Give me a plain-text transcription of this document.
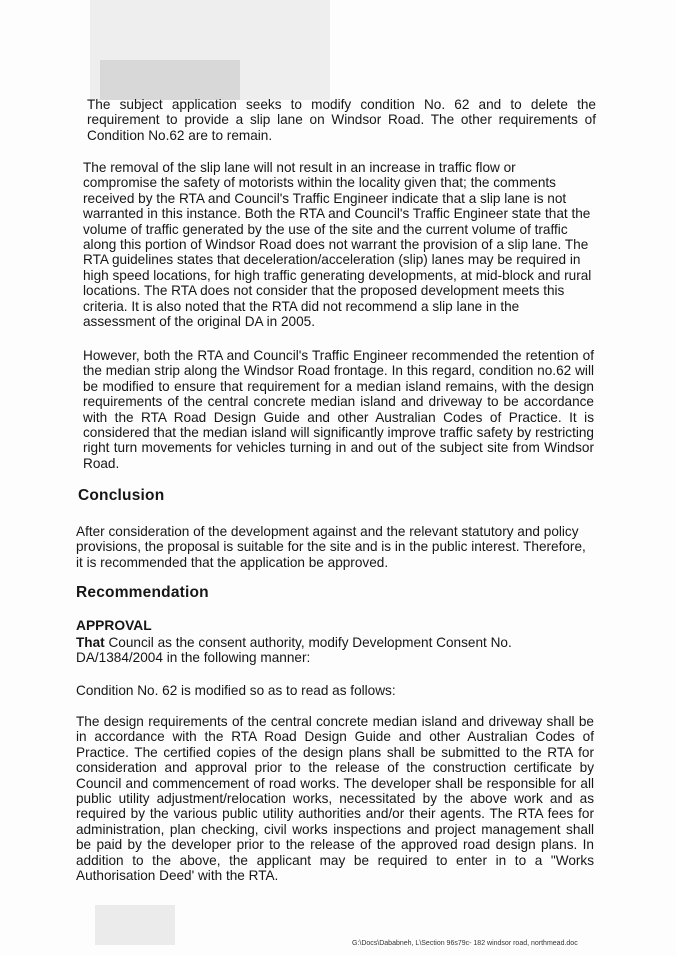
The subject application seeks to modify condition No. 62 and to delete the requirement to provide a slip lane on Windsor Road. The other requirements of Condition No.62 are to remain.

The removal of the slip lane will not result in an increase in traffic flow or compromise the safety of motorists within the locality given that; the comments received by the RTA and Council's Traffic Engineer indicate that a slip lane is not warranted in this instance. Both the RTA and Council's Traffic Engineer state that the volume of traffic generated by the use of the site and the current volume of traffic along this portion of Windsor Road does not warrant the provision of a slip lane. The RTA guidelines states that deceleration/acceleration (slip) lanes may be required in high speed locations, for high traffic generating developments, at mid-block and rural locations. The RTA does not consider that the proposed development meets this criteria. It is also noted that the RTA did not recommend a slip lane in the assessment of the original DA in 2005.

However, both the RTA and Council's Traffic Engineer recommended the retention of the median strip along the Windsor Road frontage. In this regard, condition no.62 will be modified to ensure that requirement for a median island remains, with the design requirements of the central concrete median island and driveway to be accordance with the RTA Road Design Guide and other Australian Codes of Practice. It is considered that the median island will significantly improve traffic safety by restricting right turn movements for vehicles turning in and out of the subject site from Windsor Road.

Conclusion

After consideration of the development against and the relevant statutory and policy provisions, the proposal is suitable for the site and is in the public interest. Therefore, it is recommended that the application be approved.

Recommendation
APPROVAL

That Council as the consent authority, modify Development Consent No. DA/1384/2004 in the following manner:

Condition No. 62 is modified so as to read as follows:

The design requirements of the central concrete median island and driveway shall be in accordance with the RTA Road Design Guide and other Australian Codes of Practice. The certified copies of the design plans shall be submitted to the RTA for consideration and approval prior to the release of the construction certificate by Council and commencement of road works. The developer shall be responsible for all public utility adjustment/relocation works, necessitated by the above work and as required by the various public utility authorities and/or their agents. The RTA fees for administration, plan checking, civil works inspections and project management shall be paid by the developer prior to the release of the approved road design plans. In addition to the above, the applicant may be required to enter in to a "Works Authorisation Deed' with the RTA.

G:\Docs\Dababneh, L\Section 96s79c- 182 windsor road, northmead.doc
